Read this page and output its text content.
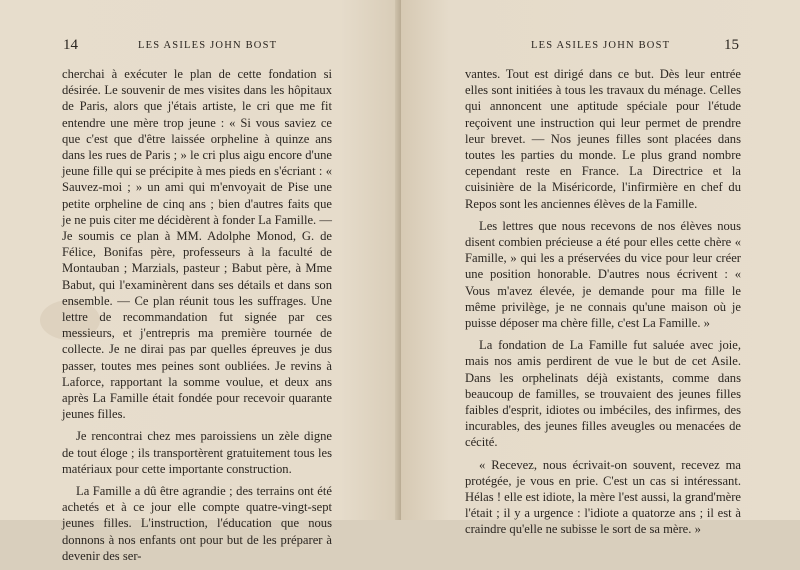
14	LES ASILES JOHN BOST

cherchai à exécuter le plan de cette fondation si désirée. Le souvenir de mes visites dans les hôpitaux de Paris, alors que j'étais artiste, le cri que me fit entendre une mère trop jeune : « Si vous saviez ce que c'est que d'être laissée orpheline à quinze ans dans les rues de Paris ; » le cri plus aigu encore d'une jeune fille qui se précipite à mes pieds en s'écriant : « Sauvez-moi ; » un ami qui m'envoyait de Pise une petite orpheline de cinq ans ; bien d'autres faits que je ne puis citer me décidèrent à fonder La Famille. — Je soumis ce plan à MM. Adolphe Monod, G. de Félice, Bonifas père, professeurs à la faculté de Montauban ; Marzials, pasteur ; Babut père, à Mme Babut, qui l'examinèrent dans ses détails et dans son ensemble. — Ce plan réunit tous les suffrages. Une lettre de recommandation fut signée par ces messieurs, et j'entrepris ma première tournée de collecte. Je ne dirai pas par quelles épreuves je dus passer, toutes mes peines sont oubliées. Je revins à Laforce, rapportant la somme voulue, et deux ans après La Famille était fondée pour recevoir quarante jeunes filles.

Je rencontrai chez mes paroissiens un zèle digne de tout éloge ; ils transportèrent gratuitement tous les matériaux pour cette importante construction.

La Famille a dû être agrandie ; des terrains ont été achetés et à ce jour elle compte quatre-vingt-sept jeunes filles. L'instruction, l'éducation que nous donnons à nos enfants ont pour but de les préparer à devenir des ser-

LES ASILES JOHN BOST	15

vantes. Tout est dirigé dans ce but. Dès leur entrée elles sont initiées à tous les travaux du ménage. Celles qui annoncent une aptitude spéciale pour l'étude reçoivent une instruction qui leur permet de prendre leur brevet. — Nos jeunes filles sont placées dans toutes les parties du monde. Le plus grand nombre cependant reste en France. La Directrice et la cuisinière de la Miséricorde, l'infirmière en chef du Repos sont les anciennes élèves de la Famille.

Les lettres que nous recevons de nos élèves nous disent combien précieuse a été pour elles cette chère « Famille, » qui les a préservées du vice pour leur créer une position honorable. D'autres nous écrivent : « Vous m'avez élevée, je demande pour ma fille le même privilège, je ne connais qu'une maison où je puisse déposer ma chère fille, c'est La Famille. »

La fondation de La Famille fut saluée avec joie, mais nos amis perdirent de vue le but de cet Asile. Dans les orphelinats déjà existants, comme dans beaucoup de familles, se trouvaient des jeunes filles faibles d'esprit, idiotes ou imbéciles, des infirmes, des incurables, des jeunes filles aveugles ou menacées de cécité.

« Recevez, nous écrivait-on souvent, recevez ma protégée, je vous en prie. C'est un cas si intéressant. Hélas ! elle est idiote, la mère l'est aussi, la grand'mère l'était ; il y a urgence : l'idiote a quatorze ans ; il est à craindre qu'elle ne subisse le sort de sa mère. »
